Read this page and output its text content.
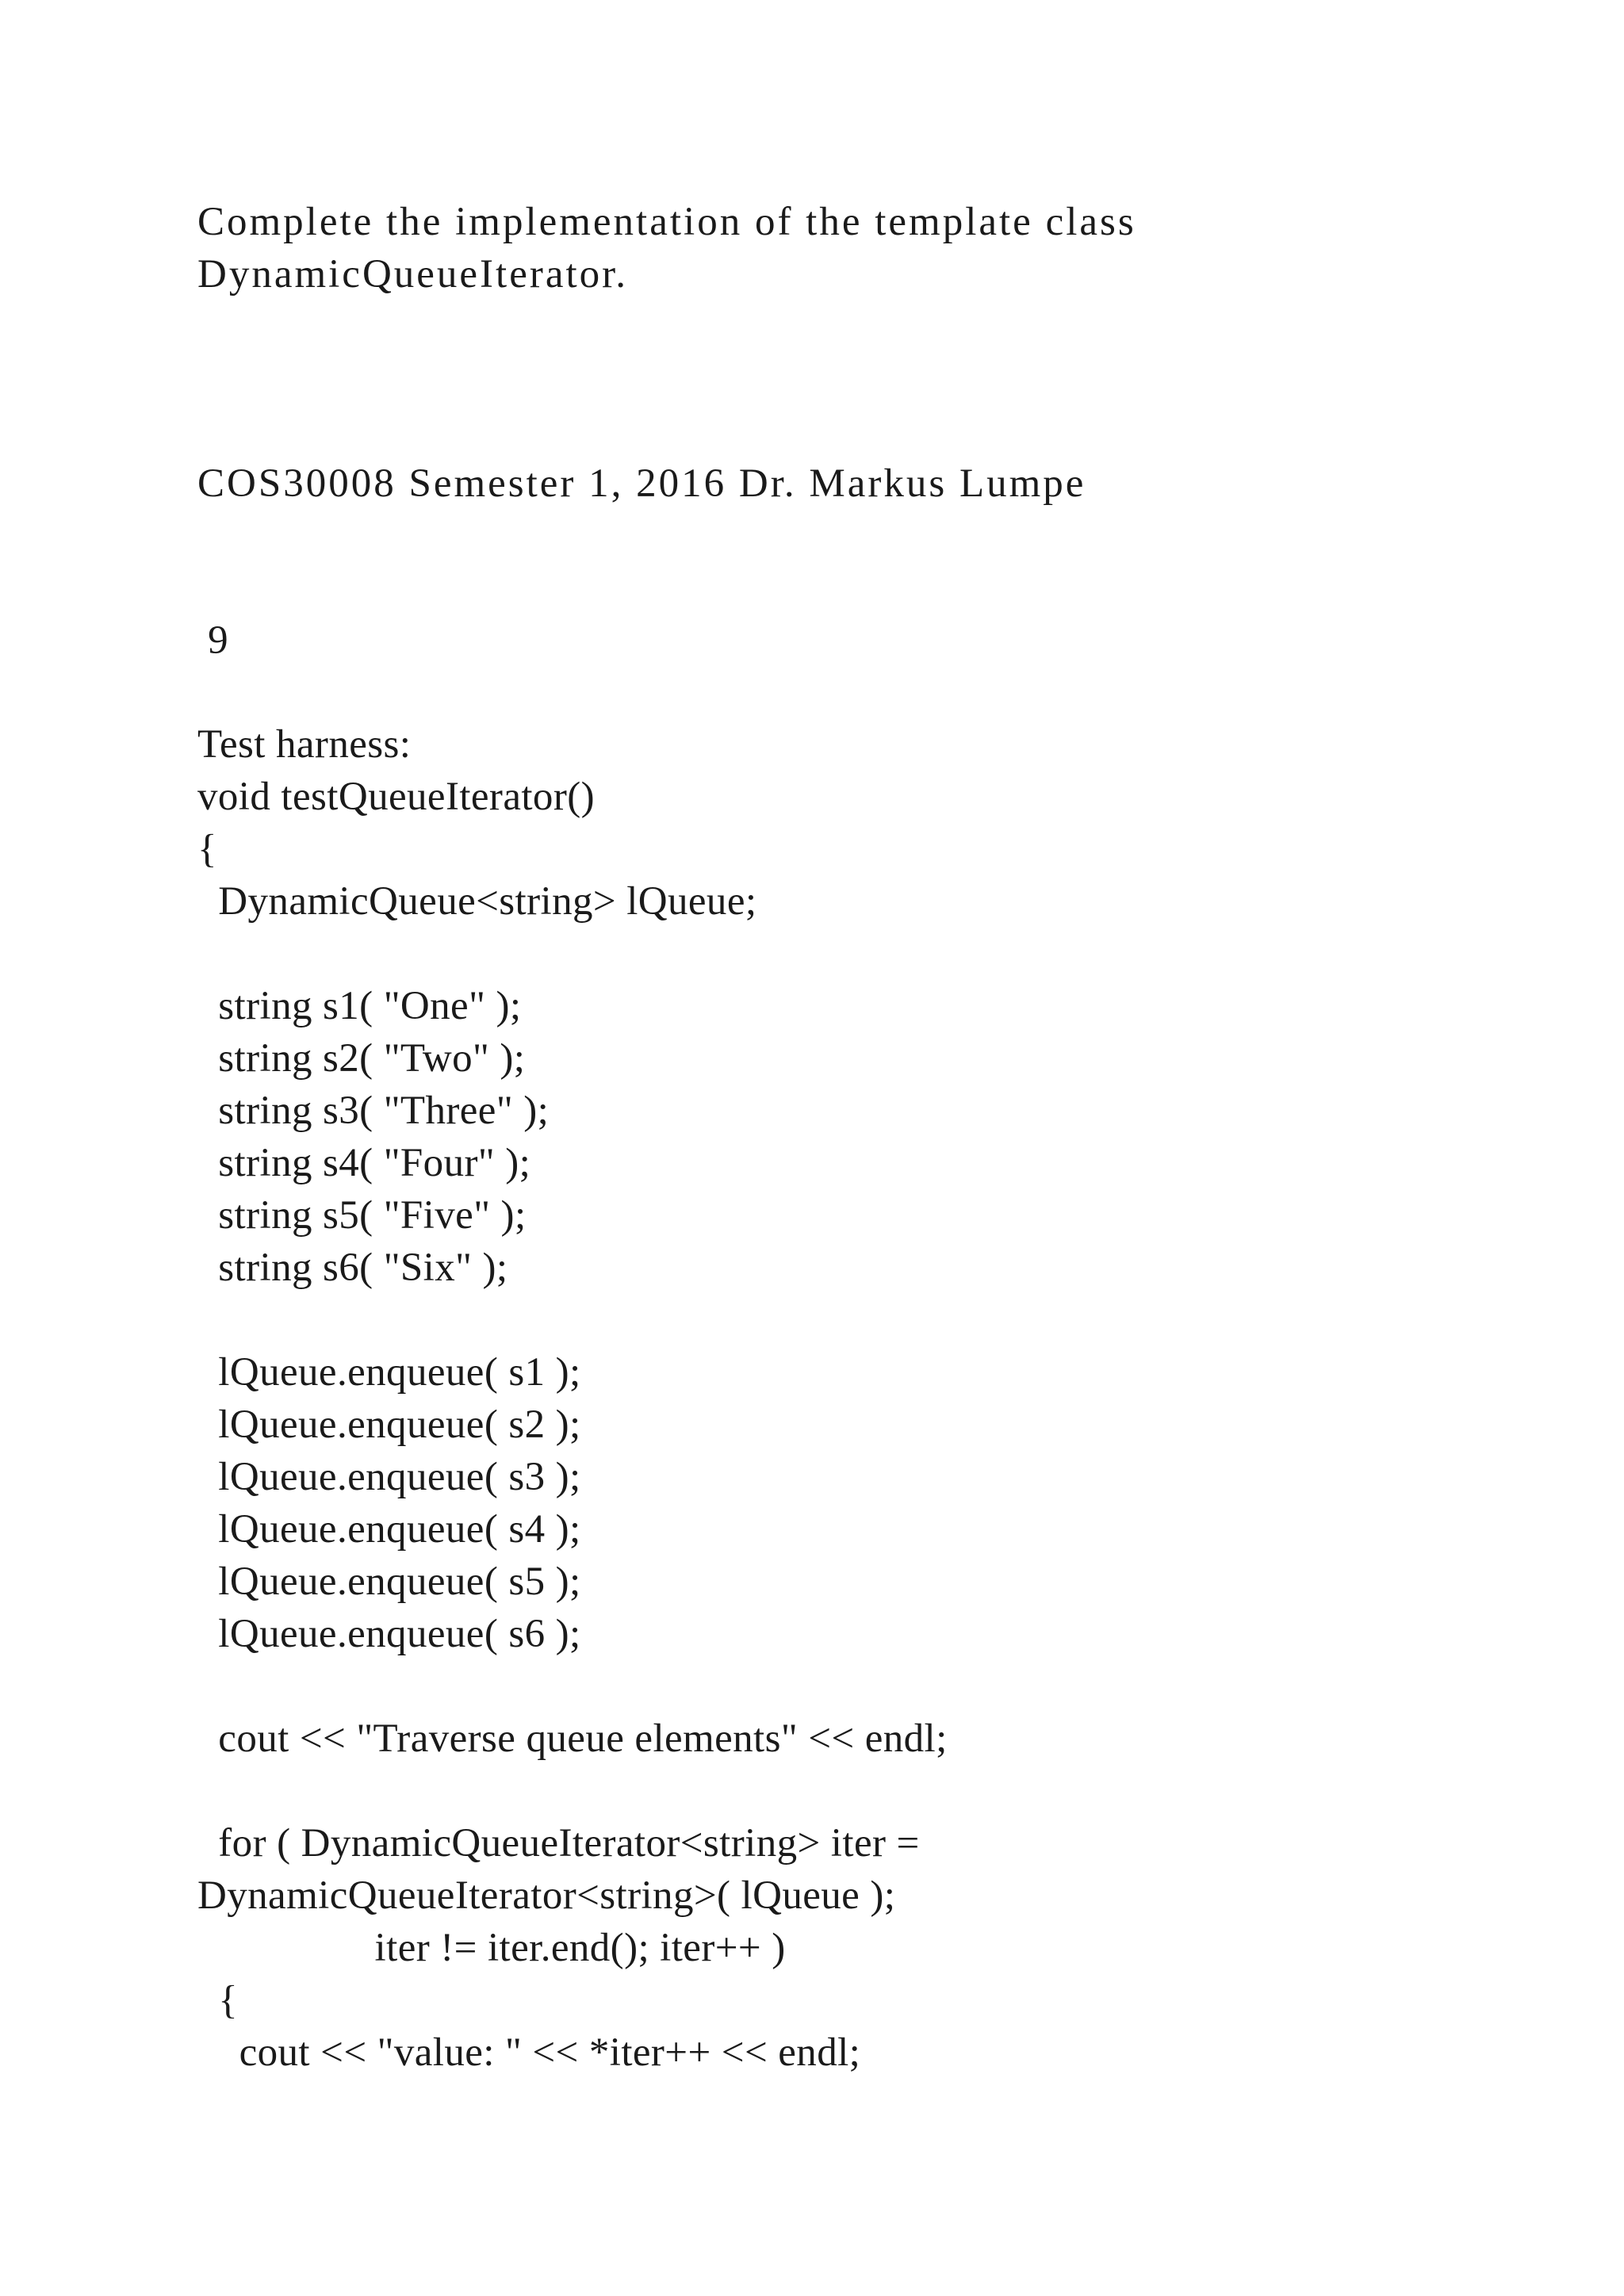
Complete the implementation of the template class
DynamicQueueIterator.
COS30008 Semester 1, 2016 Dr. Markus Lumpe
9
Test harness:
void testQueueIterator()
{
DynamicQueue<string> lQueue;
string s1( "One" );
string s2( "Two" );
string s3( "Three" );
string s4( "Four" );
string s5( "Five" );
string s6( "Six" );
lQueue.enqueue( s1 );
lQueue.enqueue( s2 );
lQueue.enqueue( s3 );
lQueue.enqueue( s4 );
lQueue.enqueue( s5 );
lQueue.enqueue( s6 );
cout << "Traverse queue elements" << endl;
for ( DynamicQueueIterator<string> iter =
DynamicQueueIterator<string>( lQueue );
iter != iter.end(); iter++ )
{
cout << "value: " << *iter++ << endl;
